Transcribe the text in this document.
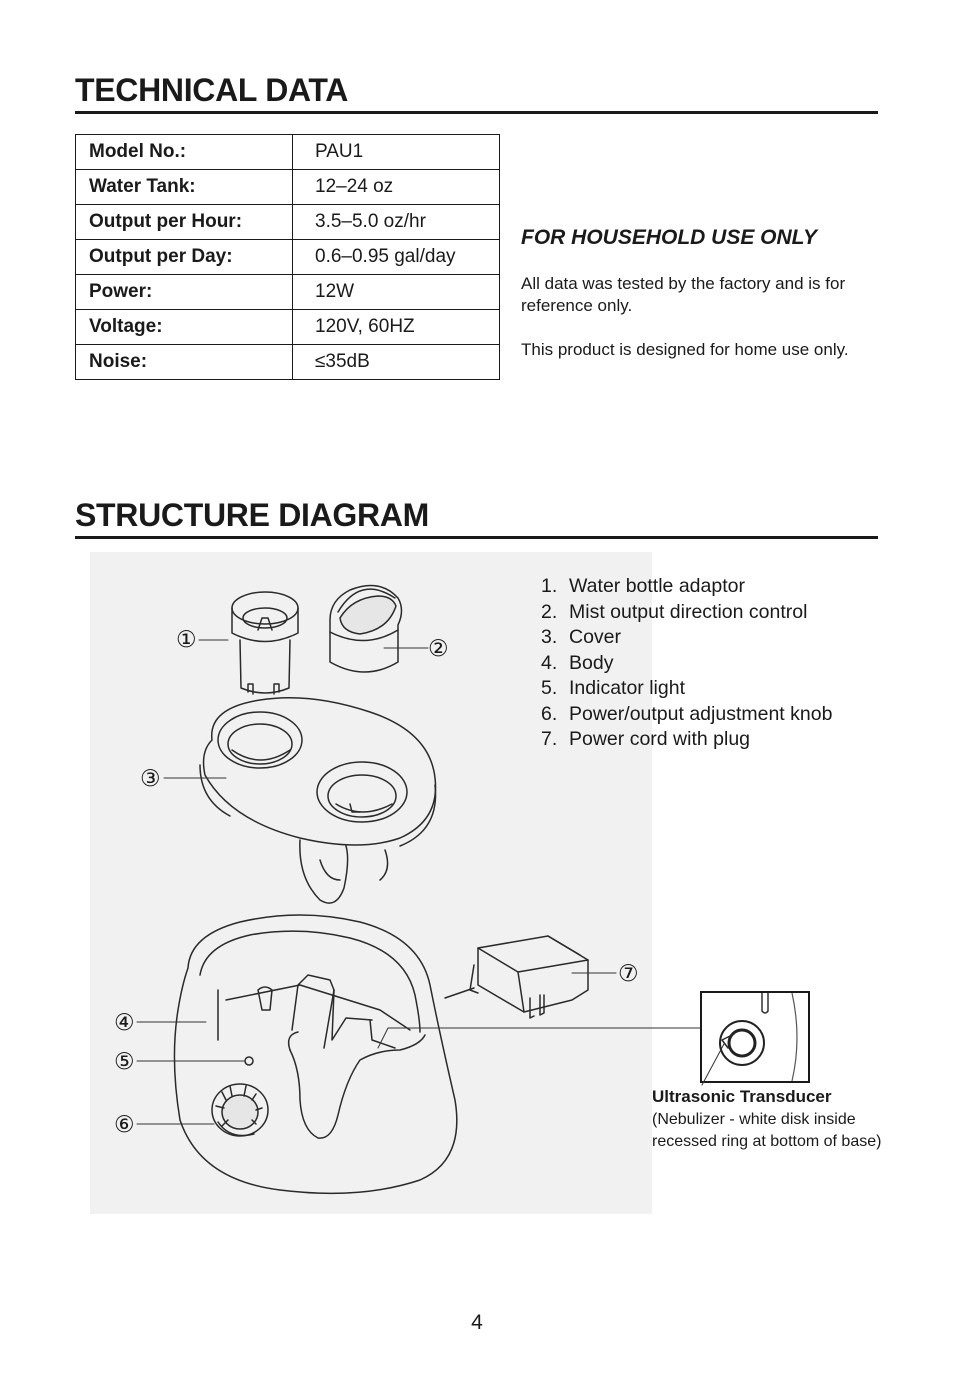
TECHNICAL DATA
Model No.:	PAU1
Water Tank:	12–24 oz
Output per Hour:	3.5–5.0 oz/hr
Output per Day:	0.6–0.95 gal/day
Power:	12W
Voltage:	120V, 60HZ
Noise:	≤35dB
FOR HOUSEHOLD USE ONLY
All data was tested by the factory and is for reference only.
This product is designed for home use only.
STRUCTURE DIAGRAM
①	②
③
④
⑤
⑥
⑦
1. Water bottle adaptor
2. Mist output direction control
3. Cover
4. Body
5. Indicator light
6. Power/output adjustment knob
7. Power cord with plug
Ultrasonic Transducer
(Nebulizer - white disk inside recessed ring at bottom of base)
4
